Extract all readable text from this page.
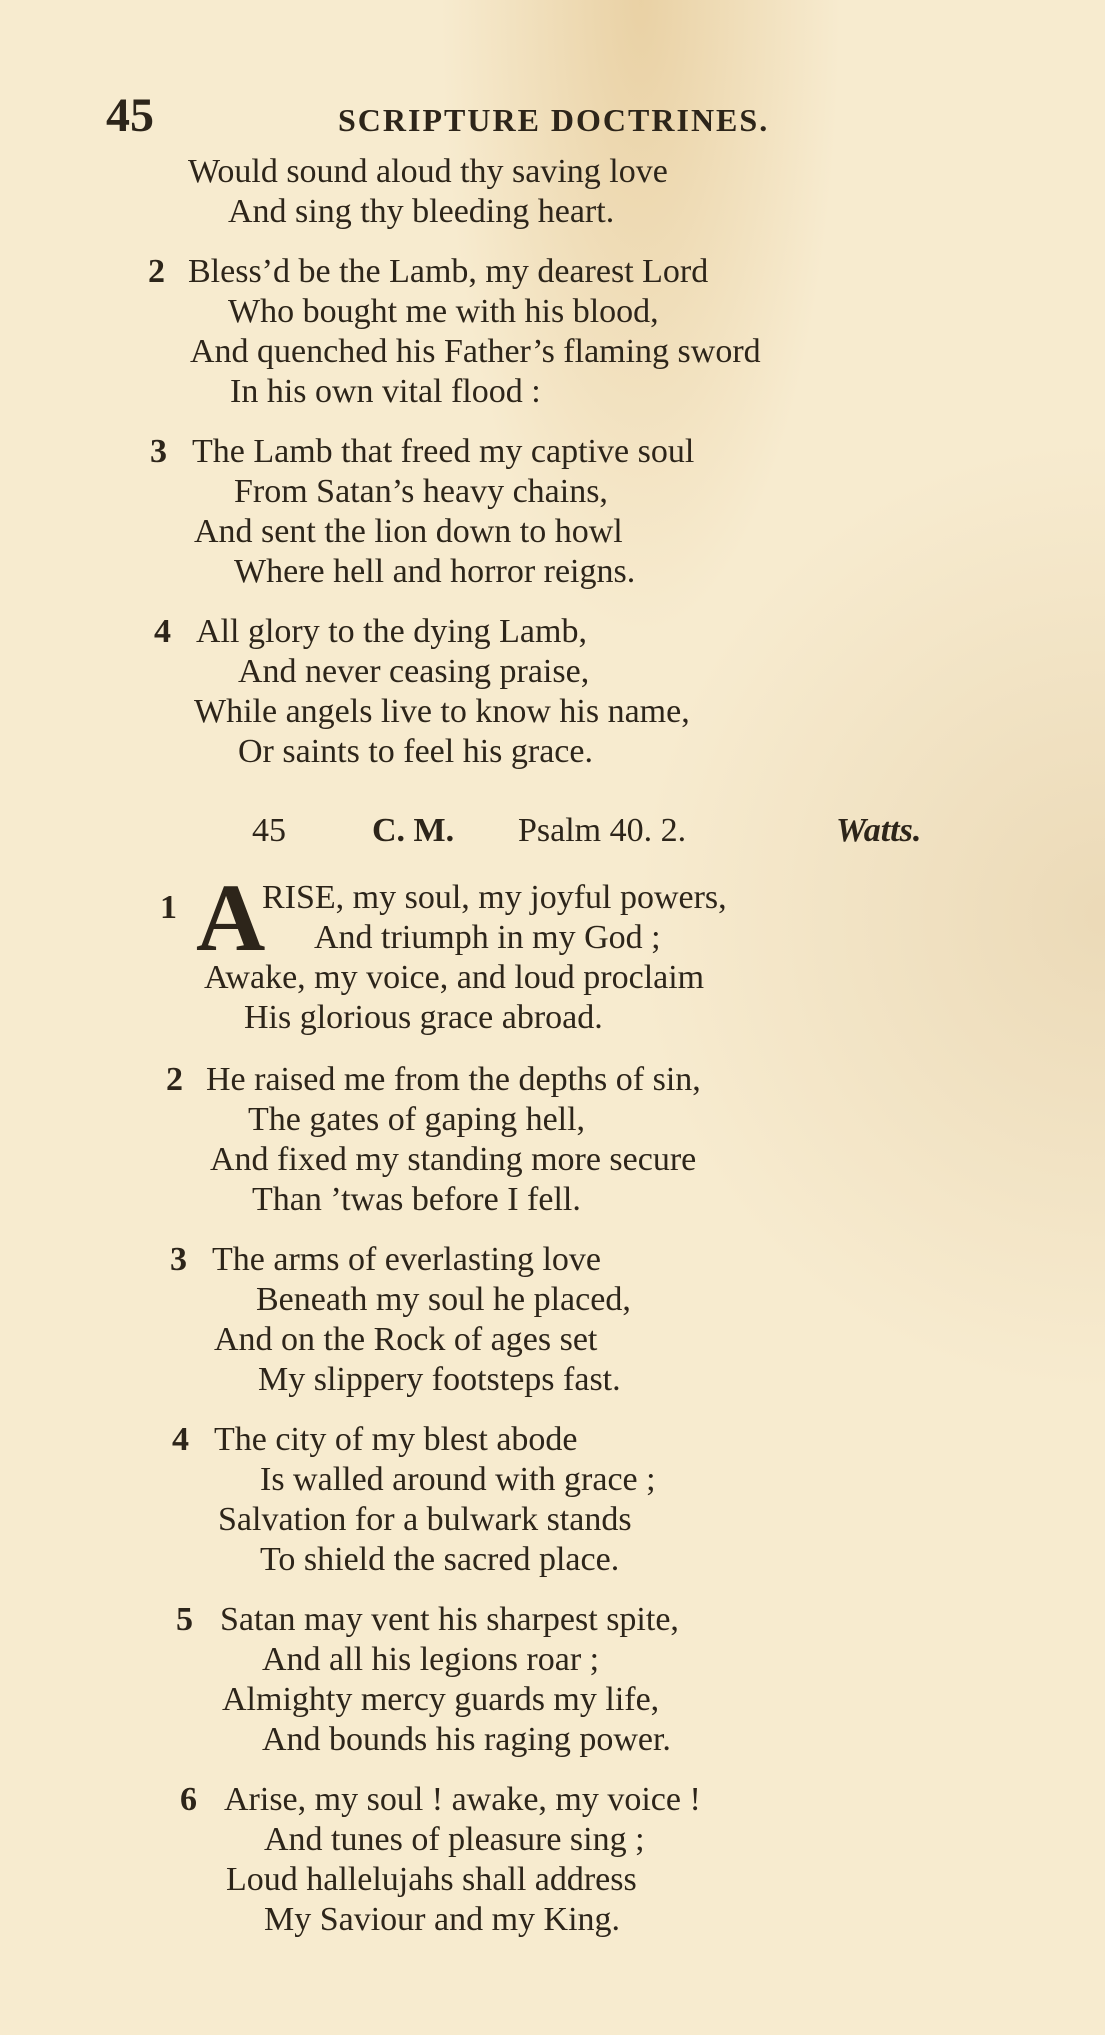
45	SCRIPTURE DOCTRINES.
Would sound aloud thy saving love
And sing thy bleeding heart.
2 Bless’d be the Lamb, my dearest Lord
Who bought me with his blood,
And quenched his Father’s flaming sword
In his own vital flood :
3 The Lamb that freed my captive soul
From Satan’s heavy chains,
And sent the lion down to howl
Where hell and horror reigns.
4 All glory to the dying Lamb,
And never ceasing praise,
While angels live to know his name,
Or saints to feel his grace.
45	C. M. Psalm 40. 2.	Watts.
1 A
RISE, my soul, my joyful powers,
And triumph in my God ;
Awake, my voice, and loud proclaim
His glorious grace abroad.
2 He raised me from the depths of sin,
The gates of gaping hell,
And fixed my standing more secure
Than ’twas before I fell.
3 The arms of everlasting love
Beneath my soul he placed,
And on the Rock of ages set
My slippery footsteps fast.
4 The city of my blest abode
Is walled around with grace ;
Salvation for a bulwark stands
To shield the sacred place.
5 Satan may vent his sharpest spite,
And all his legions roar ;
Almighty mercy guards my life,
And bounds his raging power.
6 Arise, my soul ! awake, my voice !
And tunes of pleasure sing ;
Loud hallelujahs shall address
My Saviour and my King.
